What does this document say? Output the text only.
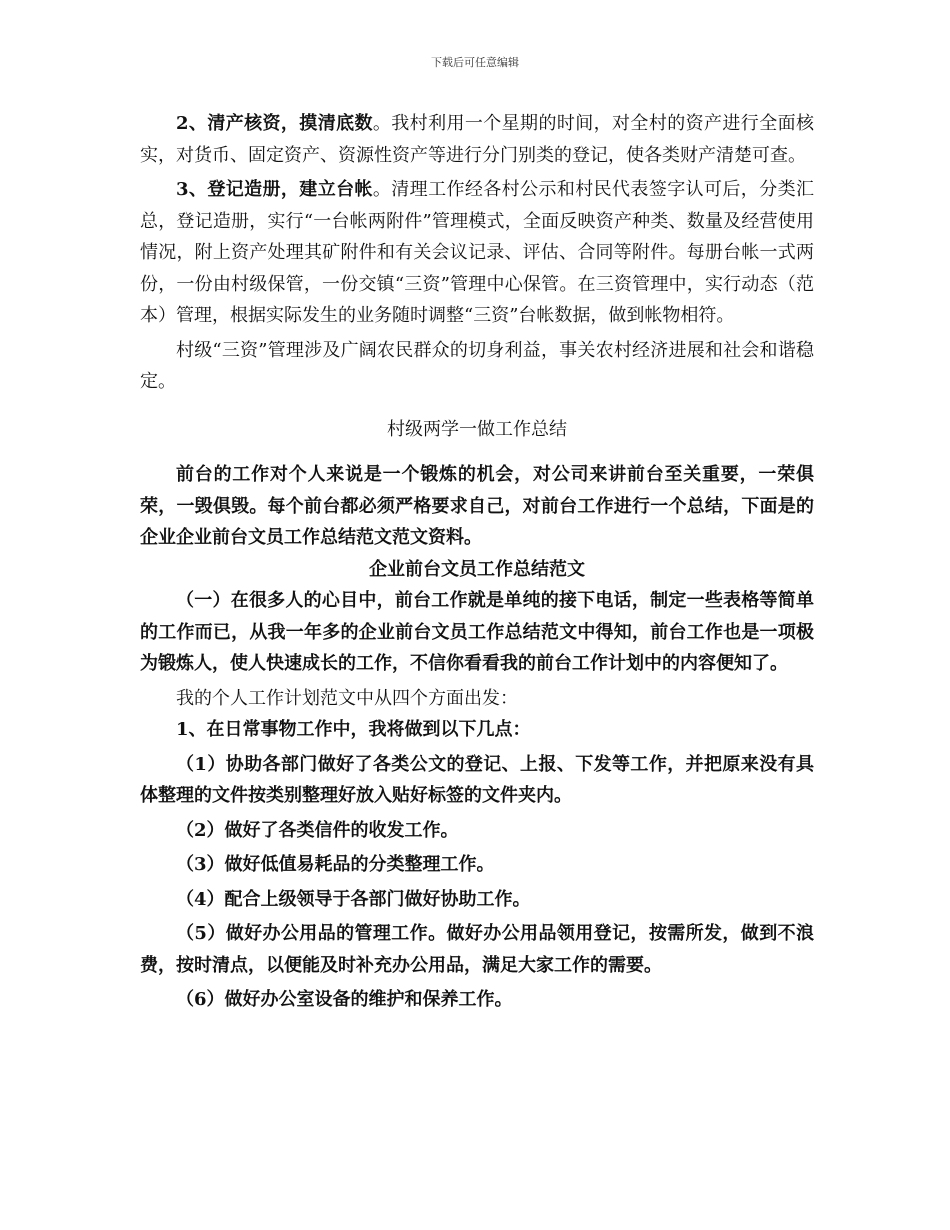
下载后可任意编辑

2、清产核资，摸清底数。我村利用一个星期的时间，对全村的资产进行全面核实，对货币、固定资产、资源性资产等进行分门别类的登记，使各类财产清楚可查。

3、登记造册，建立台帐。清理工作经各村公示和村民代表签字认可后，分类汇总，登记造册，实行“一台帐两附件”管理模式，全面反映资产种类、数量及经营使用情况，附上资产处理其矿附件和有关会议记录、评估、合同等附件。每册台帐一式两份，一份由村级保管，一份交镇“三资”管理中心保管。在三资管理中，实行动态（范本）管理，根据实际发生的业务随时调整“三资”台帐数据，做到帐物相符。

村级“三资”管理涉及广阔农民群众的切身利益，事关农村经济进展和社会和谐稳定。

村级两学一做工作总结

前台的工作对个人来说是一个锻炼的机会，对公司来讲前台至关重要，一荣俱荣，一毁俱毁。每个前台都必须严格要求自己，对前台工作进行一个总结，下面是的企业企业前台文员工作总结范文范文资料。

企业前台文员工作总结范文

（一）在很多人的心目中，前台工作就是单纯的接下电话，制定一些表格等简单的工作而已，从我一年多的企业前台文员工作总结范文中得知，前台工作也是一项极为锻炼人，使人快速成长的工作，不信你看看我的前台工作计划中的内容便知了。

我的个人工作计划范文中从四个方面出发：

1、在日常事物工作中，我将做到以下几点：

（1）协助各部门做好了各类公文的登记、上报、下发等工作，并把原来没有具体整理的文件按类别整理好放入贴好标签的文件夹内。

（2）做好了各类信件的收发工作。

（3）做好低值易耗品的分类整理工作。

（4）配合上级领导于各部门做好协助工作。

（5）做好办公用品的管理工作。做好办公用品领用登记，按需所发，做到不浪费，按时清点，以便能及时补充办公用品，满足大家工作的需要。

（6）做好办公室设备的维护和保养工作。
